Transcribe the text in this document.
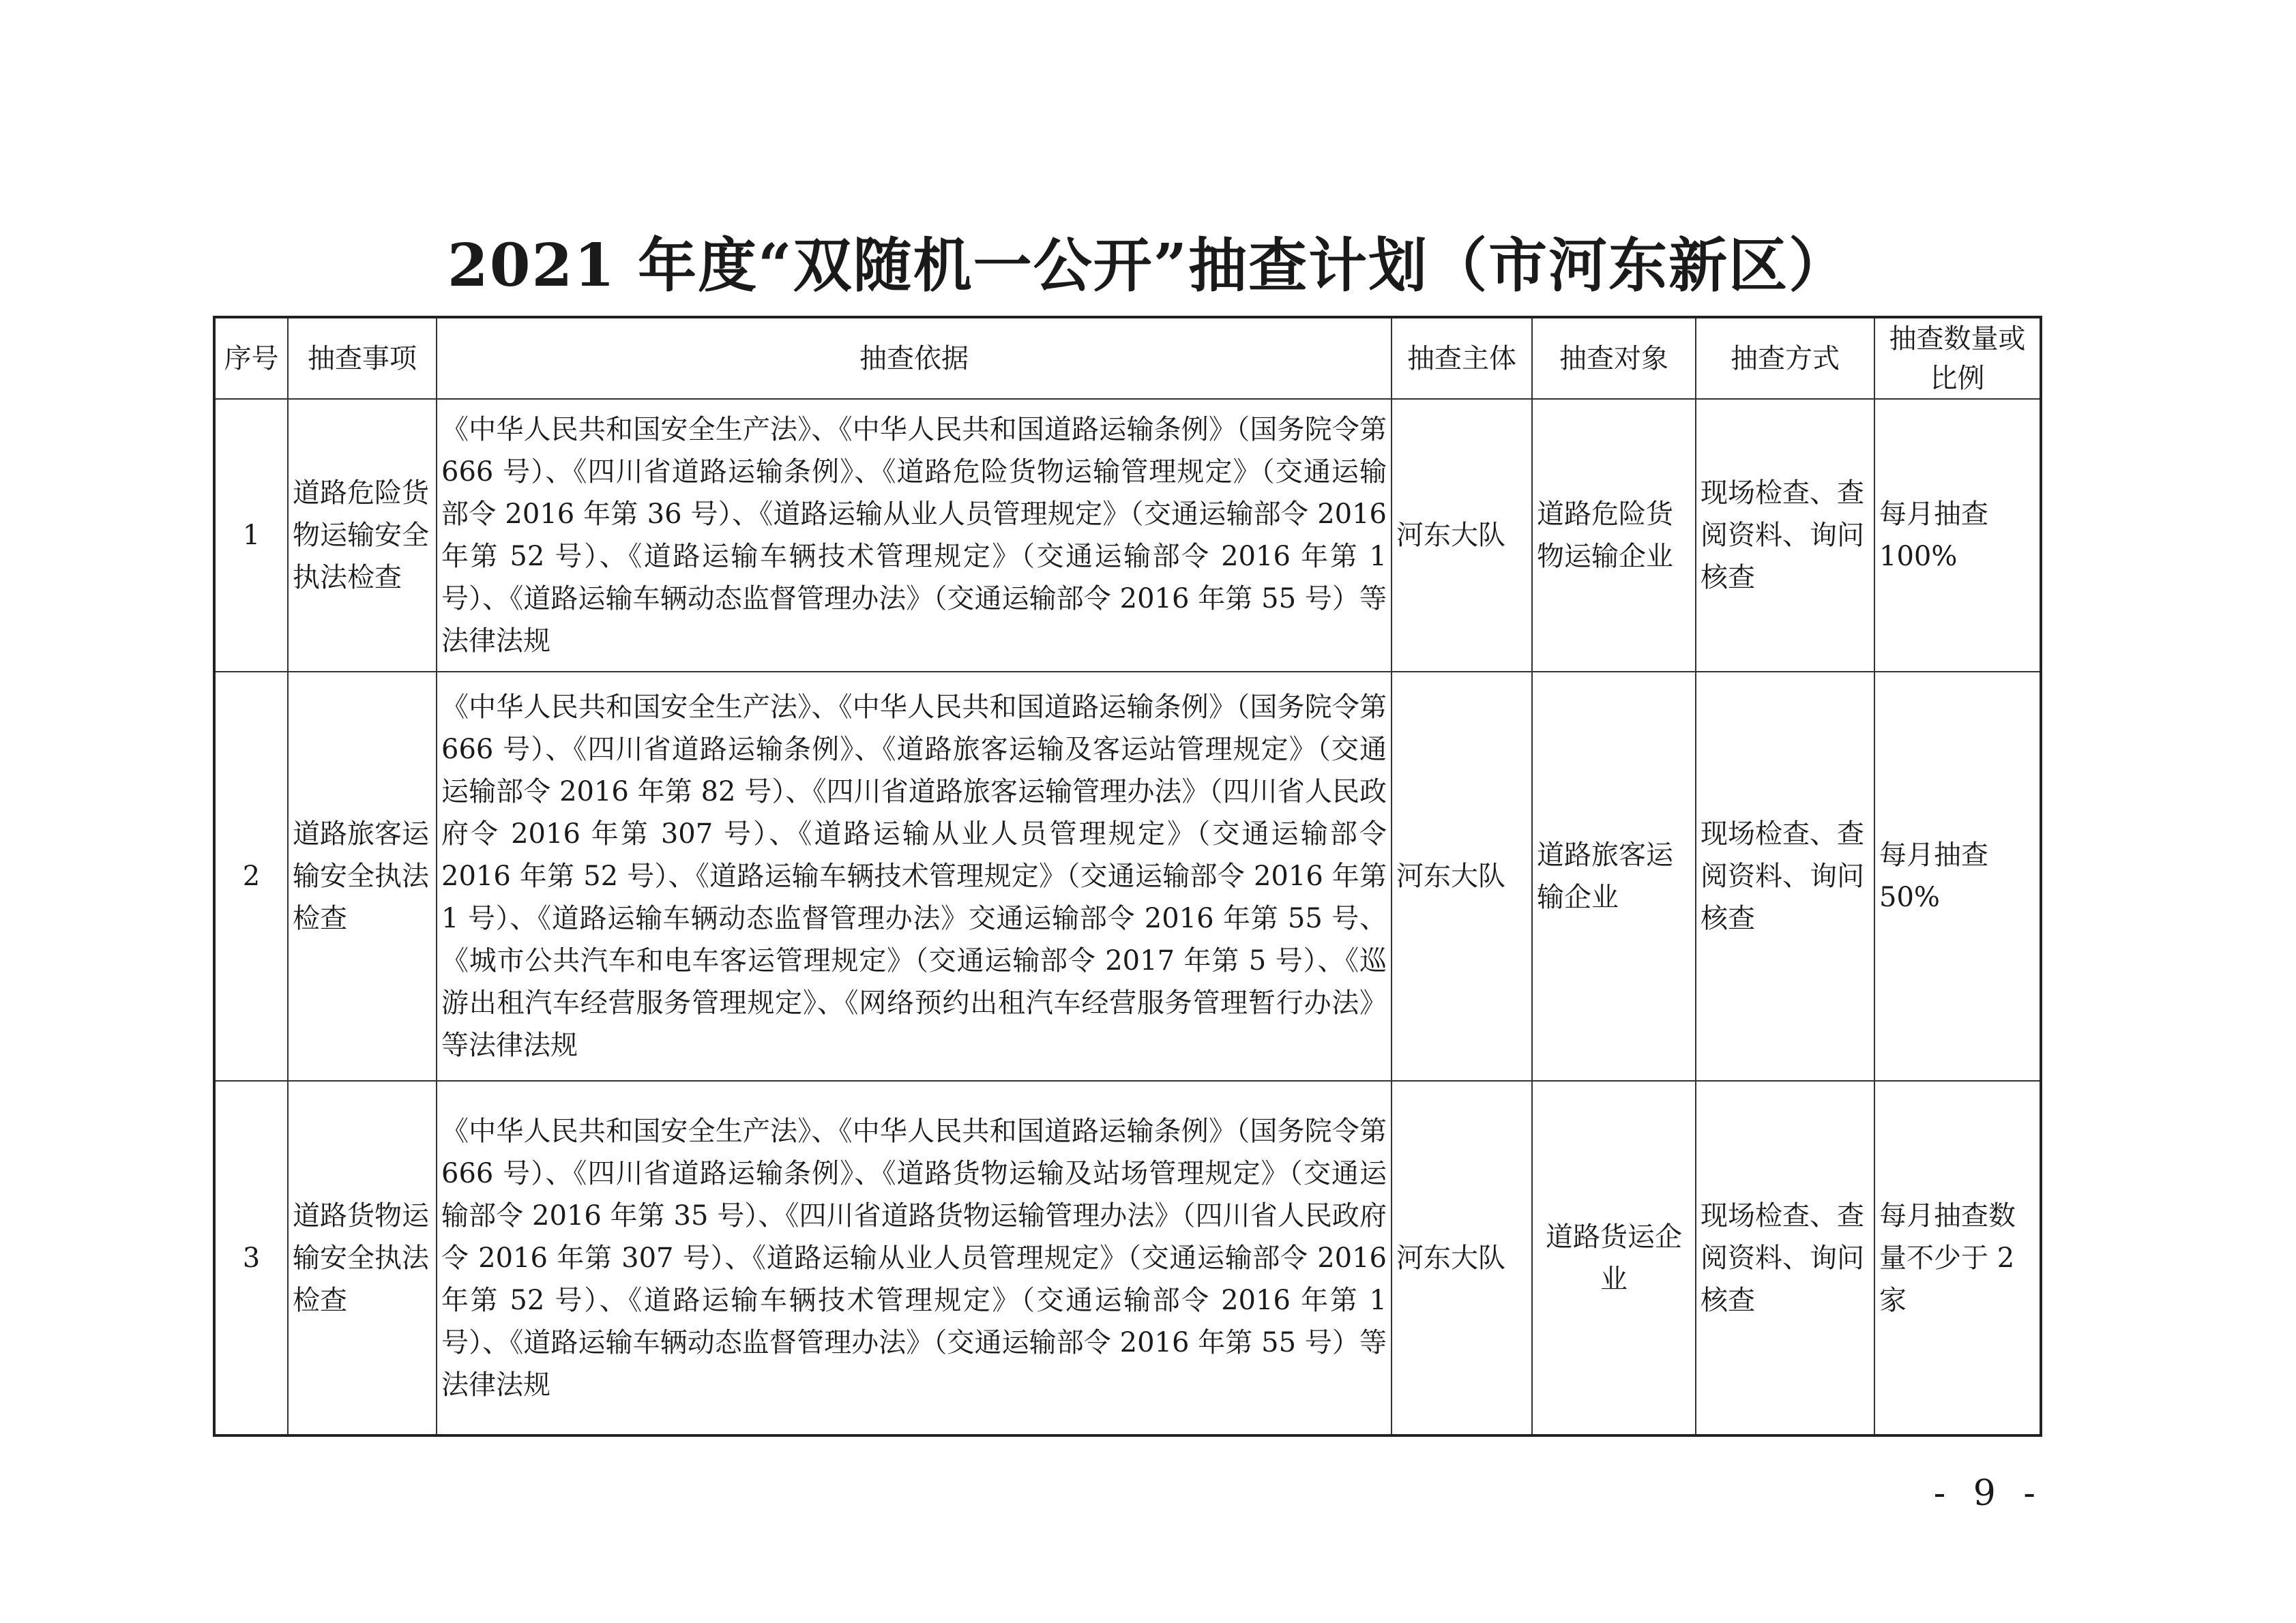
2021 年度“双随机一公开”抽查计划（市河东新区）
序号	抽查事项	抽查依据	抽查主体	抽查对象	抽查方式	抽查数量或比例
1	道路危险货物运输安全执法检查	《中华人民共和国安全生产法》、《中华人民共和国道路运输条例》（国务院令第 666 号）、《四川省道路运输条例》、《道路危险货物运输管理规定》（交通运输部令 2016 年第 36 号）、《道路运输从业人员管理规定》（交通运输部令 2016 年第 52 号）、《道路运输车辆技术管理规定》（交通运输部令 2016 年第 1 号）、《道路运输车辆动态监督管理办法》（交通运输部令 2016 年第 55 号）等法律法规	河东大队	道路危险货物运输企业	现场检查、查阅资料、询问核查	每月抽查100%
2	道路旅客运输安全执法检查	《中华人民共和国安全生产法》、《中华人民共和国道路运输条例》（国务院令第 666 号）、《四川省道路运输条例》、《道路旅客运输及客运站管理规定》（交通运输部令 2016 年第 82 号）、《四川省道路旅客运输管理办法》（四川省人民政府令 2016 年第 307 号）、《道路运输从业人员管理规定》（交通运输部令 2016 年第 52 号）、《道路运输车辆技术管理规定》（交通运输部令 2016 年第 1 号）、《道路运输车辆动态监督管理办法》交通运输部令 2016 年第 55 号、《城市公共汽车和电车客运管理规定》（交通运输部令 2017 年第 5 号）、《巡游出租汽车经营服务管理规定》、《网络预约出租汽车经营服务管理暂行办法》等法律法规	河东大队	道路旅客运输企业	现场检查、查阅资料、询问核查	每月抽查50%
3	道路货物运输安全执法检查	《中华人民共和国安全生产法》、《中华人民共和国道路运输条例》（国务院令第 666 号）、《四川省道路运输条例》、《道路货物运输及站场管理规定》（交通运输部令 2016 年第 35 号）、《四川省道路货物运输管理办法》（四川省人民政府令 2016 年第 307 号）、《道路运输从业人员管理规定》（交通运输部令 2016 年第 52 号）、《道路运输车辆技术管理规定》（交通运输部令 2016 年第 1 号）、《道路运输车辆动态监督管理办法》（交通运输部令 2016 年第 55 号）等法律法规	河东大队	道路货运企业	现场检查、查阅资料、询问核查	每月抽查数量不少于 2 家
- 9 -
